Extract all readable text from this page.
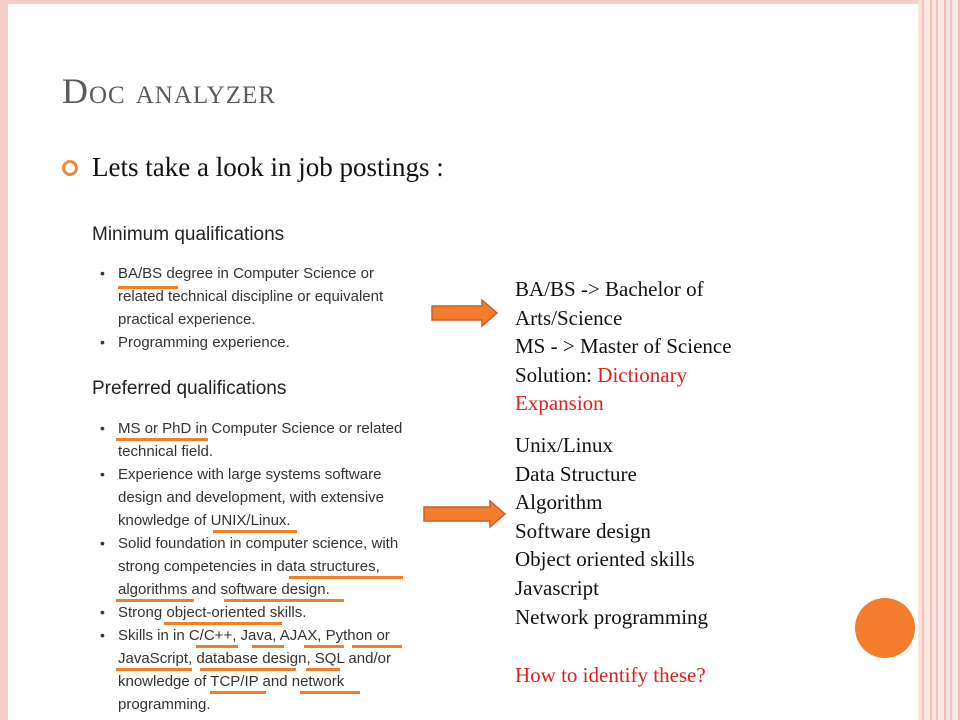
Doc analyzer
Lets take a look in job postings :
Minimum qualifications
• BA/BS degree in Computer Science or
related technical discipline or equivalent
practical experience.
• Programming experience.
Preferred qualifications
• MS or PhD in Computer Science or related
technical field.
• Experience with large systems software
design and development, with extensive
knowledge of UNIX/Linux.
• Solid foundation in computer science, with
strong competencies in data structures,
algorithms and software design.
• Strong object-oriented skills.
• Skills in in C/C++, Java, AJAX, Python or
JavaScript, database design, SQL and/or
knowledge of TCP/IP and network
programming.
BA/BS -> Bachelor of
Arts/Science
MS - > Master of Science
Solution: Dictionary
Expansion
Unix/Linux
Data Structure
Algorithm
Software design
Object oriented skills
Javascript
Network programming
How to identify these?
